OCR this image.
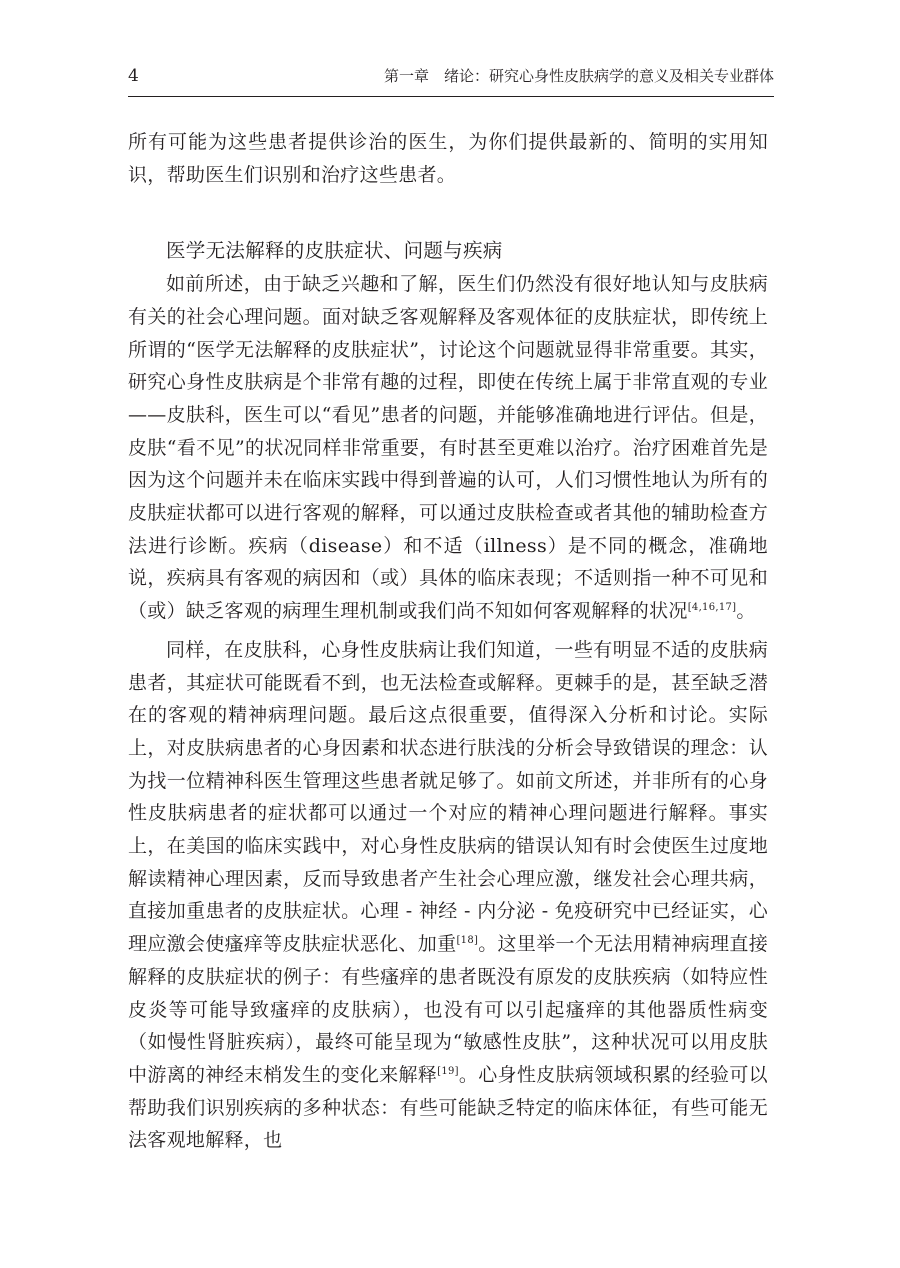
4	第一章　绪论：研究心身性皮肤病学的意义及相关专业群体

所有可能为这些患者提供诊治的医生，为你们提供最新的、简明的实用知识，帮助医生们识别和治疗这些患者。

医学无法解释的皮肤症状、问题与疾病

如前所述，由于缺乏兴趣和了解，医生们仍然没有很好地认知与皮肤病有关的社会心理问题。面对缺乏客观解释及客观体征的皮肤症状，即传统上所谓的“医学无法解释的皮肤症状”，讨论这个问题就显得非常重要。其实，研究心身性皮肤病是个非常有趣的过程，即使在传统上属于非常直观的专业——皮肤科，医生可以“看见”患者的问题，并能够准确地进行评估。但是，皮肤“看不见”的状况同样非常重要，有时甚至更难以治疗。治疗困难首先是因为这个问题并未在临床实践中得到普遍的认可，人们习惯性地认为所有的皮肤症状都可以进行客观的解释，可以通过皮肤检查或者其他的辅助检查方法进行诊断。疾病（disease）和不适（illness）是不同的概念，准确地说，疾病具有客观的病因和（或）具体的临床表现；不适则指一种不可见和（或）缺乏客观的病理生理机制或我们尚不知如何客观解释的状况[4,16,17]。

同样，在皮肤科，心身性皮肤病让我们知道，一些有明显不适的皮肤病患者，其症状可能既看不到，也无法检查或解释。更棘手的是，甚至缺乏潜在的客观的精神病理问题。最后这点很重要，值得深入分析和讨论。实际上，对皮肤病患者的心身因素和状态进行肤浅的分析会导致错误的理念：认为找一位精神科医生管理这些患者就足够了。如前文所述，并非所有的心身性皮肤病患者的症状都可以通过一个对应的精神心理问题进行解释。事实上，在美国的临床实践中，对心身性皮肤病的错误认知有时会使医生过度地解读精神心理因素，反而导致患者产生社会心理应激，继发社会心理共病，直接加重患者的皮肤症状。心理 - 神经 - 内分泌 - 免疫研究中已经证实，心理应激会使瘙痒等皮肤症状恶化、加重[18]。这里举一个无法用精神病理直接解释的皮肤症状的例子：有些瘙痒的患者既没有原发的皮肤疾病（如特应性皮炎等可能导致瘙痒的皮肤病），也没有可以引起瘙痒的其他器质性病变（如慢性肾脏疾病），最终可能呈现为“敏感性皮肤”，这种状况可以用皮肤中游离的神经末梢发生的变化来解释[19]。心身性皮肤病领域积累的经验可以帮助我们识别疾病的多种状态：有些可能缺乏特定的临床体征，有些可能无法客观地解释，也
